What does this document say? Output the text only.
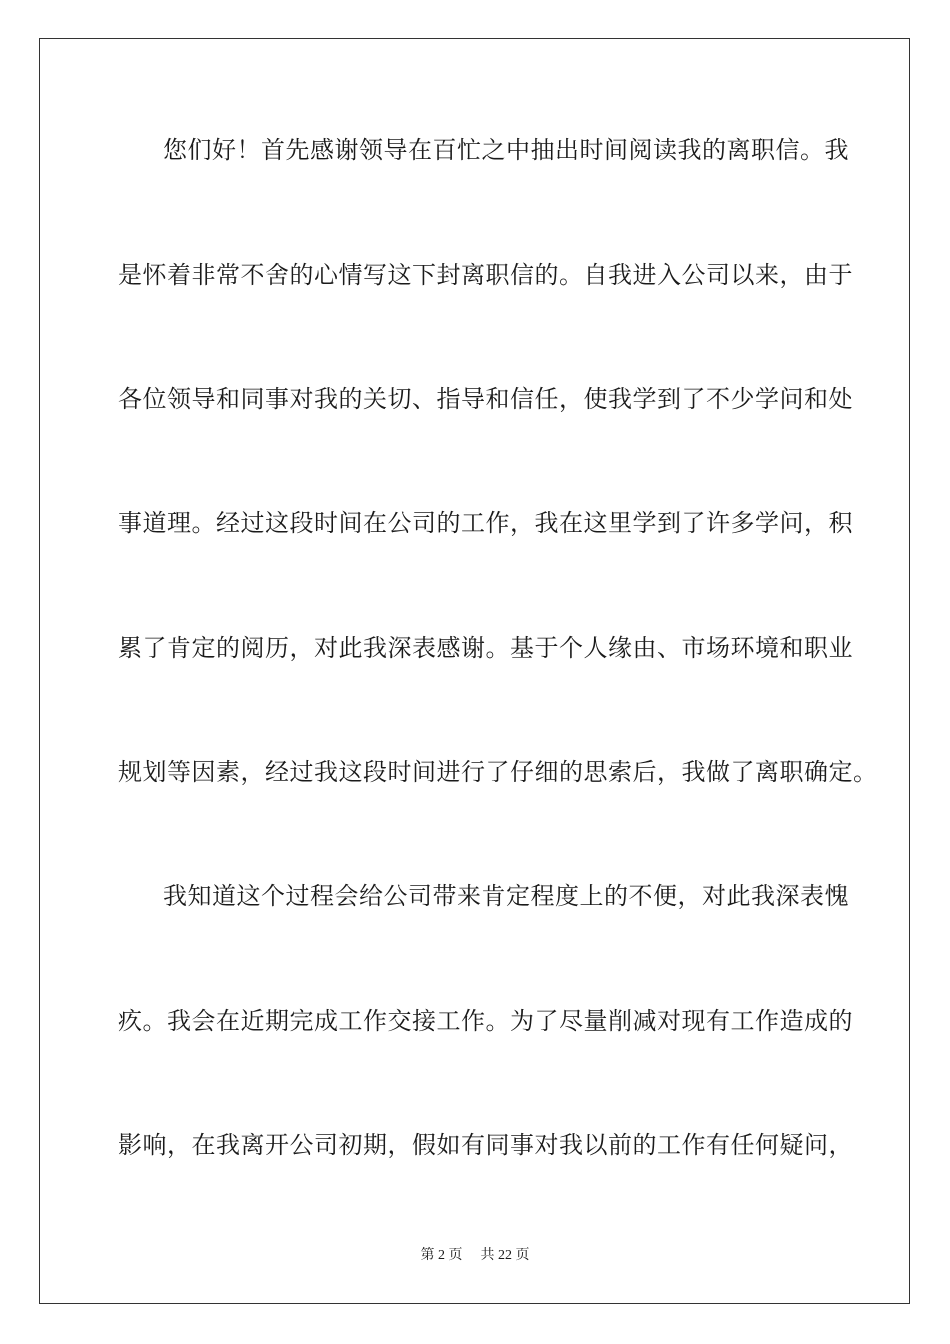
您们好！首先感谢领导在百忙之中抽出时间阅读我的离职信。我
是怀着非常不舍的心情写这下封离职信的。自我进入公司以来，由于
各位领导和同事对我的关切、指导和信任，使我学到了不少学问和处
事道理。经过这段时间在公司的工作，我在这里学到了许多学问，积
累了肯定的阅历，对此我深表感谢。基于个人缘由、市场环境和职业
规划等因素，经过我这段时间进行了仔细的思索后，我做了离职确定。
我知道这个过程会给公司带来肯定程度上的不便，对此我深表愧
疚。我会在近期完成工作交接工作。为了尽量削减对现有工作造成的
影响，在我离开公司初期，假如有同事对我以前的工作有任何疑问，
第 2 页 共 22 页
